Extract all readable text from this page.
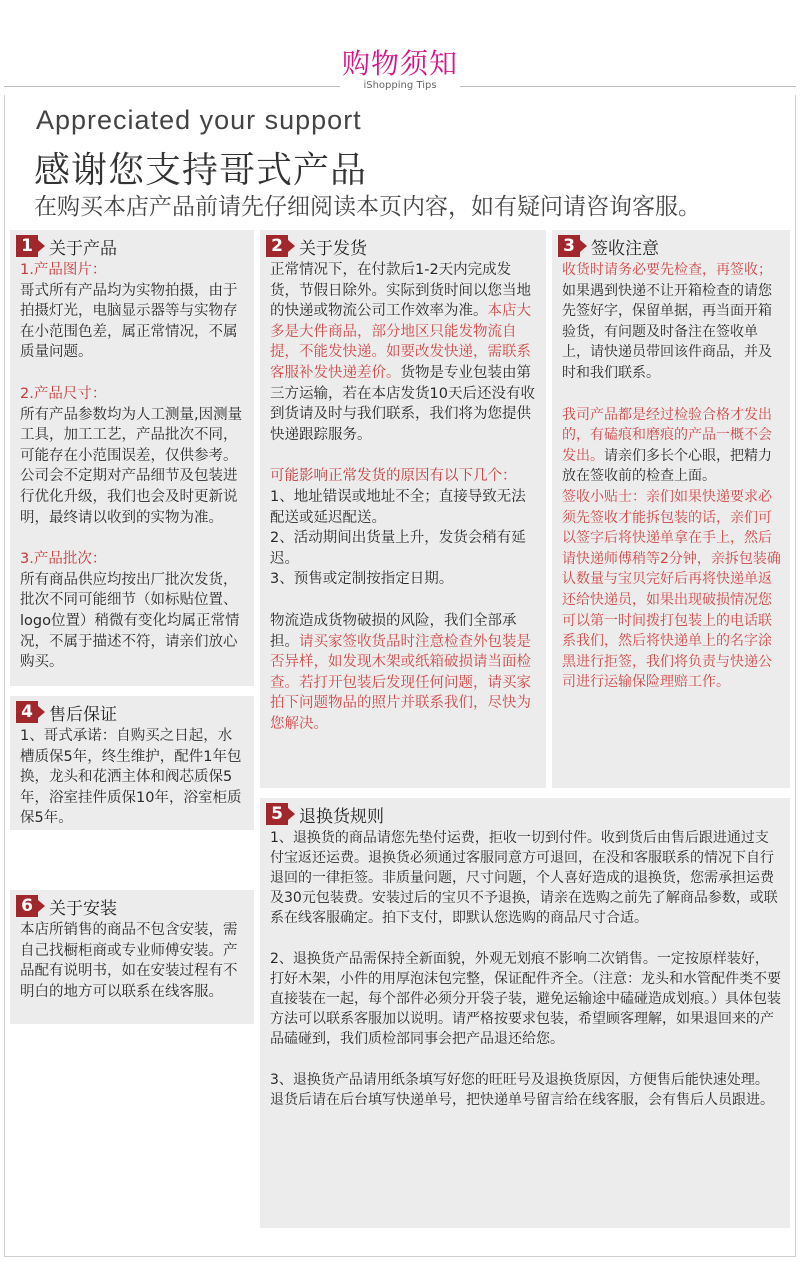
购物须知
iShopping Tips
Appreciated your support
感谢您支持哥式产品
在购买本店产品前请先仔细阅读本页内容，如有疑问请咨询客服。
1 关于产品

1.产品图片：

哥式所有产品均为实物拍摄，由于拍摄灯光，电脑显示器等与实物存在小范围色差，属正常情况，不属质量问题。

2.产品尺寸：

所有产品参数均为人工测量,因测量工具，加工工艺，产品批次不同，可能存在小范围误差，仅供参考。公司会不定期对产品细节及包装进行优化升级，我们也会及时更新说明，最终请以收到的实物为准。

3.产品批次：

所有商品供应均按出厂批次发货，批次不同可能细节（如标贴位置、logo位置）稍微有变化均属正常情况，不属于描述不符，请亲们放心购买。

2 关于发货

正常情况下，在付款后1-2天内完成发货，节假日除外。实际到货时间以您当地的快递或物流公司工作效率为准。本店大多是大件商品，部分地区只能发物流自提，不能发快递。如要改发快递，需联系客服补发快递差价。货物是专业包装由第三方运输，若在本店发货10天后还没有收到货请及时与我们联系，我们将为您提供快递跟踪服务。

可能影响正常发货的原因有以下几个：

1、地址错误或地址不全；直接导致无法配送或延迟配送。

2、活动期间出货量上升，发货会稍有延迟。

3、预售或定制按指定日期。

物流造成货物破损的风险，我们全部承担。请买家签收货品时注意检查外包装是否异样，如发现木架或纸箱破损请当面检查。若打开包装后发现任何问题，请买家拍下问题物品的照片并联系我们，尽快为您解决。

3 签收注意

收货时请务必要先检查，再签收；如果遇到快递不让开箱检查的请您先签好字，保留单据，再当面开箱验货，有问题及时备注在签收单上，请快递员带回该件商品，并及时和我们联系。

我司产品都是经过检验合格才发出的，有磕痕和磨痕的产品一概不会发出。请亲们多长个心眼，把精力放在签收前的检查上面。

签收小贴士：亲们如果快递要求必须先签收才能拆包装的话，亲们可以签字后将快递单拿在手上，然后请快递师傅稍等2分钟，亲拆包装确认数量与宝贝完好后再将快递单返还给快递员，如果出现破损情况您可以第一时间拨打包装上的电话联系我们，然后将快递单上的名字涂黑进行拒签，我们将负责与快递公司进行运输保险理赔工作。

4 售后保证

1、哥式承诺：自购买之日起，水槽质保5年，终生维护，配件1年包换，龙头和花洒主体和阀芯质保5年，浴室挂件质保10年，浴室柜质保5年。

6 关于安装

本店所销售的商品不包含安装，需自己找橱柜商或专业师傅安装。产品配有说明书，如在安装过程有不明白的地方可以联系在线客服。

5 退换货规则

1、退换货的商品请您先垫付运费，拒收一切到付件。收到货后由售后跟进通过支付宝返还运费。退换货必须通过客服同意方可退回，在没和客服联系的情况下自行退回的一律拒签。非质量问题，尺寸问题，个人喜好造成的退换货，您需承担运费及30元包装费。安装过后的宝贝不予退换，请亲在选购之前先了解商品参数，或联系在线客服确定。拍下支付，即默认您选购的商品尺寸合适。

2、退换货产品需保持全新面貌，外观无划痕不影响二次销售。一定按原样装好，打好木架，小件的用厚泡沫包完整，保证配件齐全。（注意：龙头和水管配件类不要直接装在一起，每个部件必须分开袋子装，避免运输途中磕碰造成划痕。）具体包装方法可以联系客服加以说明。请严格按要求包装，希望顾客理解，如果退回来的产品磕碰到，我们质检部同事会把产品退还给您。

3、退换货产品请用纸条填写好您的旺旺号及退换货原因，方便售后能快速处理。退货后请在后台填写快递单号，把快递单号留言给在线客服，会有售后人员跟进。
